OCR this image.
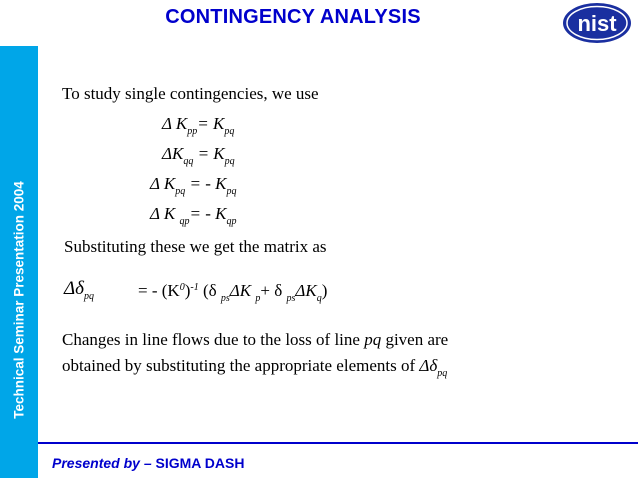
CONTINGENCY ANALYSIS	nist
Technical Seminar Presentation 2004
To study single contingencies, we use
Δ $K_{pp}= K_{pq}$
$\Delta K_{qq} = K_{pq}$
Δ $K_{pq}$ = - $K_{pq}$
Δ K $_{qp}= - K_{qp}$
Substituting these we get the matrix as
$\Delta\delta_{pq}$	= - $(K^0)^{-1}$ (δ $_{ps}$ΔK $_p$+ δ $_{ps}\Delta K_q$)
Changes in line flows due to the loss of line pq given are
obtained by substituting the appropriate elements of $\Delta\delta_{pq}$
Presented by – SIGMA DASH
